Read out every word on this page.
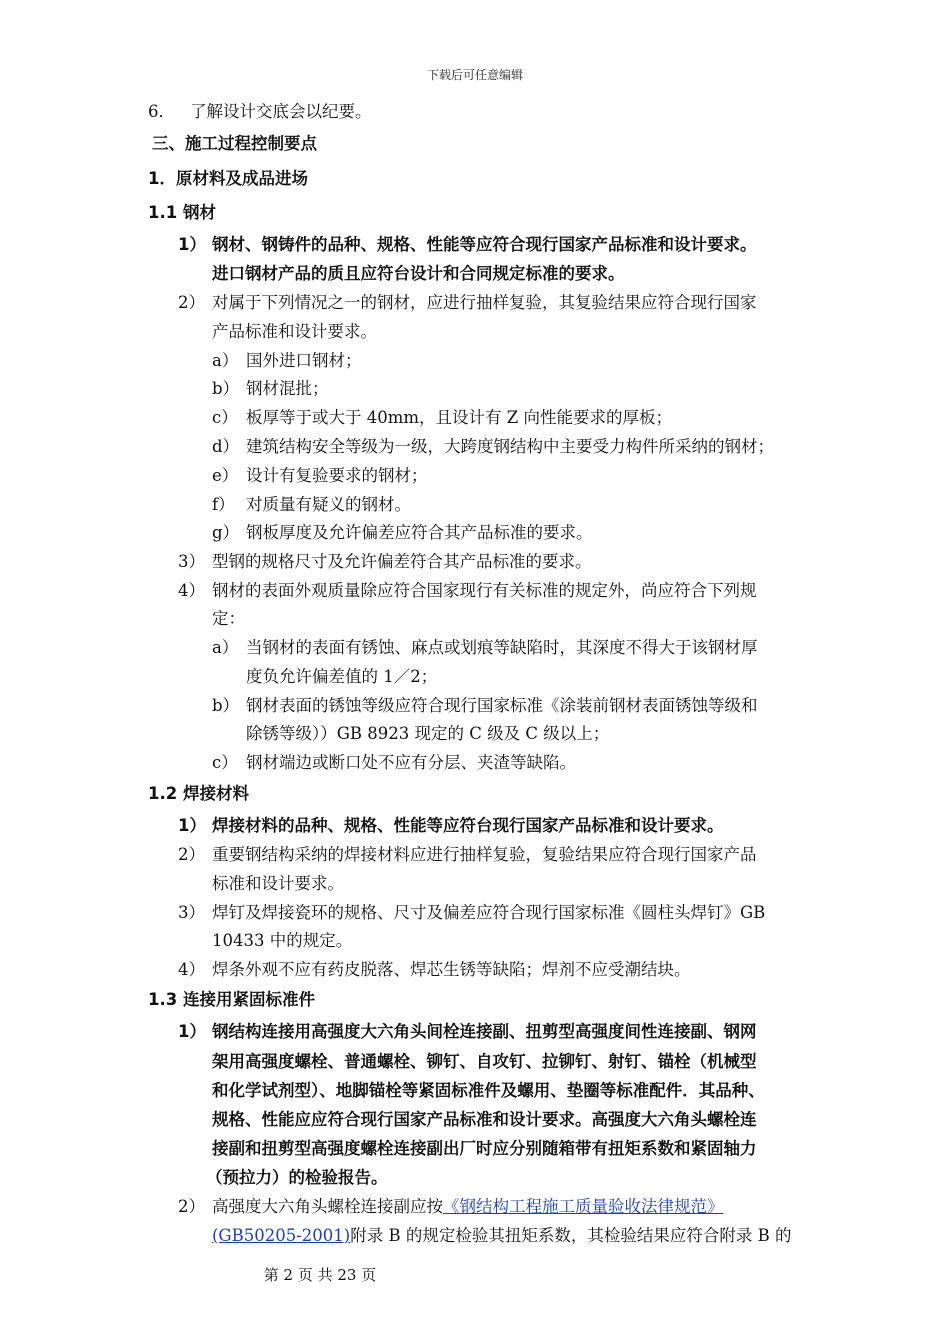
下载后可任意编辑
6． 了解设计交底会以纪要。
三、施工过程控制要点
1．原材料及成品进场
1.1 钢材
1） 钢材、钢铸件的品种、规格、性能等应符合现行国家产品标准和设计要求。
进口钢材产品的质且应符台设计和合同规定标准的要求。
2） 对属于下列情况之一的钢材，应进行抽样复验，其复验结果应符合现行国家
产品标准和设计要求。
a） 国外进口钢材；
b） 钢材混批；
c） 板厚等于或大于 40mm，且设计有 Z 向性能要求的厚板；
d） 建筑结构安全等级为一级，大跨度钢结构中主要受力构件所采纳的钢材；
e） 设计有复验要求的钢材；
f） 对质量有疑义的钢材。
g） 钢板厚度及允许偏差应符合其产品标准的要求。
3） 型钢的规格尺寸及允许偏差符合其产品标准的要求。
4） 钢材的表面外观质量除应符合国家现行有关标准的规定外，尚应符合下列规
定：
a） 当钢材的表面有锈蚀、麻点或划痕等缺陷时，其深度不得大于该钢材厚
度负允许偏差值的 1／2；
b） 钢材表面的锈蚀等级应符合现行国家标准《涂装前钢材表面锈蚀等级和
除锈等级））GB 8923 现定的 C 级及 C 级以上；
c） 钢材端边或断口处不应有分层、夹渣等缺陷。
1.2 焊接材料
1） 焊接材料的品种、规格、性能等应符台现行国家产品标准和设计要求。
2） 重要钢结构采纳的焊接材料应进行抽样复验，复验结果应符合现行国家产品
标准和设计要求。
3） 焊钉及焊接瓷环的规格、尺寸及偏差应符合现行国家标准《圆柱头焊钉》GB
10433 中的规定。
4） 焊条外观不应有药皮脱落、焊芯生锈等缺陷；焊剂不应受潮结块。
1.3 连接用紧固标准件
1） 钢结构连接用高强度大六角头间栓连接副、扭剪型高强度间性连接副、钢网
架用高强度螺栓、普通螺栓、铆钉、自攻钉、拉铆钉、射钉、锚栓（机械型
和化学试剂型）、地脚锚栓等紧固标准件及螺用、垫圈等标准配件．其品种、
规格、性能应应符合现行国家产品标准和设计要求。高强度大六角头螺栓连
接副和扭剪型高强度螺栓连接副出厂时应分别随箱带有扭矩系数和紧固轴力
（预拉力）的检验报告。
2） 高强度大六角头螺栓连接副应按《钢结构工程施工质量验收法律规范》
(GB50205-2001)附录 B 的规定检验其扭矩系数，其检验结果应符合附录 B 的
第 2 页 共 23 页
